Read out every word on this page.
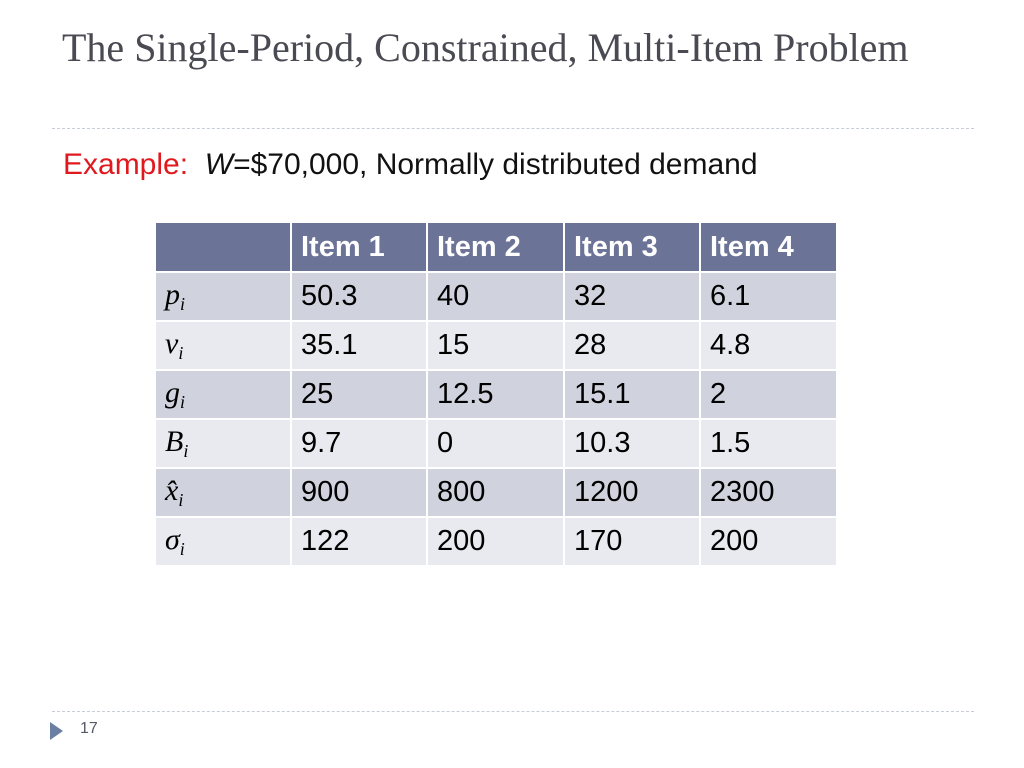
The Single-Period, Constrained, Multi-Item Problem
Example: W=$70,000, Normally distributed demand
	Item 1	Item 2	Item 3	Item 4
$p_i$	50.3	40	32	6.1
$v_i$	35.1	15	28	4.8
$g_i$	25	12.5	15.1	2
$B_i$	9.7	0	10.3	1.5
$x̂_i$	900	800	1200	2300
$\sigma_i$	122	200	170	200
17
